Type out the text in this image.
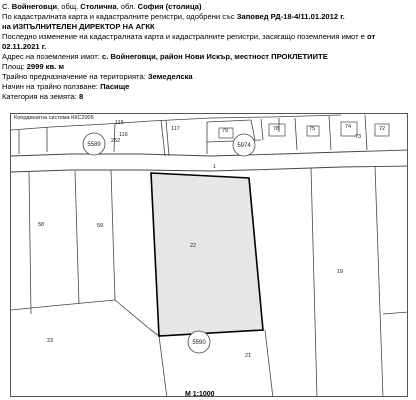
С. Войнеговци, общ. Столична, обл. София (столица)
По кадастралната карта и кадастралните регистри, одобрени със Заповед РД-18-4/11.01.2012 г.
на ИЗПЪЛНИТЕЛЕН ДИРЕКТОР НА АГКК
Последно изменение на кадастралната карта и кадастралните регистри, засягащо поземления имот е от 02.11.2021 г.
Адрес на поземления имот: с. Войнеговци, район Нови Искър, местност ПРОКЛЕТИИТЕ
Площ: 2999 кв. м
Трайно предназначение на територията: Земеделска
Начин на трайно ползване: Пасище
Категория на земята: 8
115
116
117
262
79	78	75	74
73
72
1
58	59
22
19
23
21
5589	5974
5590
М 1:1000
Координатна система ККС2005
